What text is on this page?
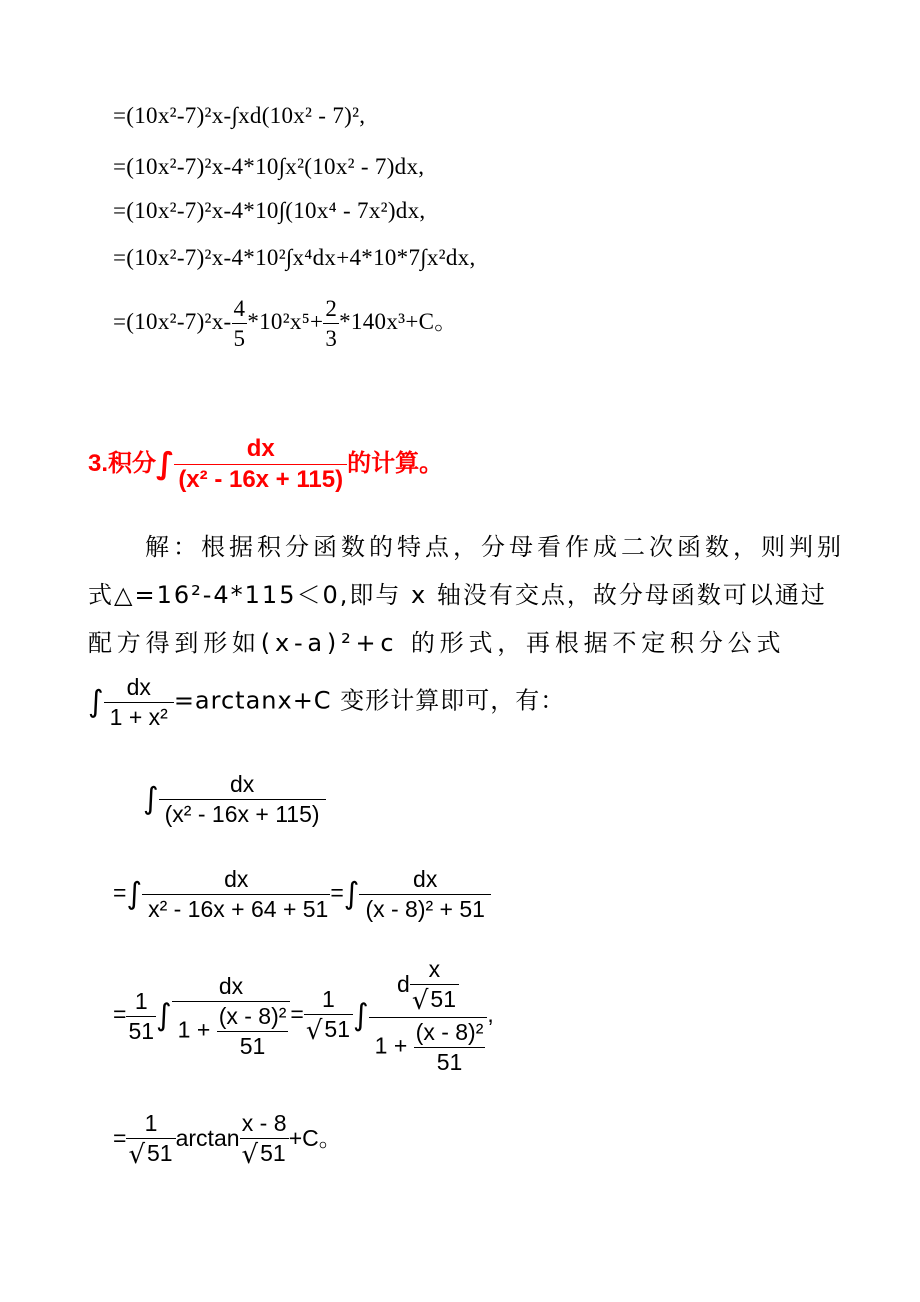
=(10x²-7)²x-∫xd(10x² - 7)²,
=(10x²-7)²x-4*10∫x²(10x² - 7)dx,
=(10x²-7)²x-4*10∫(10x⁴ - 7x²)dx,
=(10x²-7)²x-4*10²∫x⁴dx+4*10*7∫x²dx,
$=(10x^2-7)^2x- \frac{4}{5} *10^2x^5+ \frac{2}{3} *140x^3+C$。
3.积分∫ $\frac{dx}{\text{(x² - 16x + 115)}}$ 的计算。
解：根据积分函数的特点，分母看作成二次函数，则判别
式△=16²-4*115＜0,即与 x 轴没有交点，故分母函数可以通过
配方得到形如(x-a)²+c 的形式，再根据不定积分公式
∫ $\frac{dx}{\text{1 + x²}} =\arctan x+C$ 变形计算即可，有：
∫ $\frac{dx}{\text{(x² - 16x + 115)}}$
=∫ $\frac{dx}{\text{x² - 16x + 64 + 51}}$ =∫ $\frac{dx}{\text{(x - 8)² + 51}}$
= $\frac{1}{51}$ ∫ $\frac{dx}{1 + \frac{\text{(x - 8)²}}{51}} = \frac{1}{√51}$ ∫ $\frac{d \frac{x}{√51}}{1 + \frac{\text{(x - 8)²}}{51}}$ ,
= $\frac{1}{√51}$ $\arctan \frac{x - 8}{√51} +C$。
